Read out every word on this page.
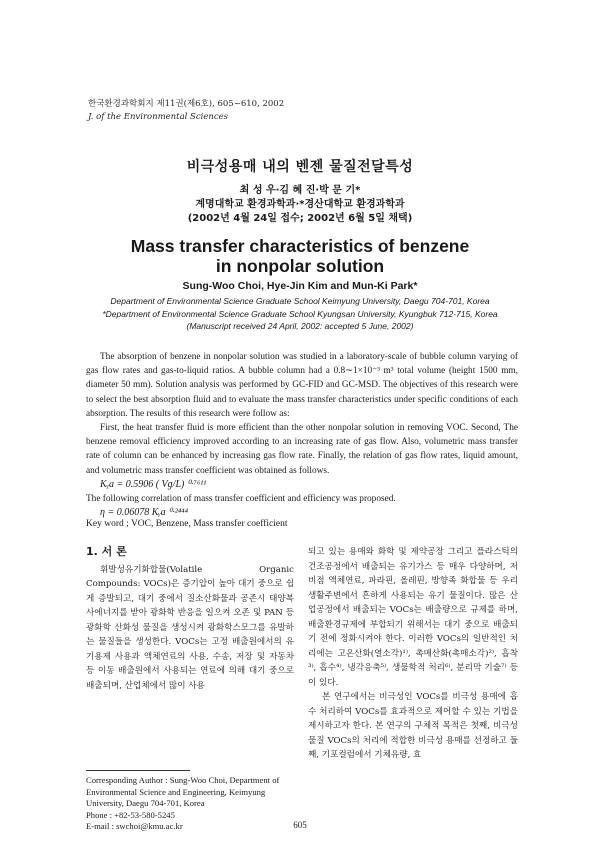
한국환경과학회지 제11권(제6호), 605~610, 2002
J. of the Environmental Sciences
비극성용매 내의 벤젠 물질전달특성
최 성 우·김 혜 진·박 문 기*
계명대학교 환경과학과·*경산대학교 환경과학과
(2002년 4월 24일 접수; 2002년 6월 5일 채택)
Mass transfer characteristics of benzene
in nonpolar solution
Sung-Woo Choi, Hye-Jin Kim and Mun-Ki Park*
Department of Environmental Science Graduate School Keimyung University, Daegu 704-701, Korea
*Department of Environmental Science Graduate School Kyungsan University, Kyungbuk 712-715, Korea
(Manuscript received 24 April, 2002: accepted 5 June, 2002)

The absorption of benzene in nonpolar solution was studied in a laboratory-scale of bubble column varying of gas flow rates and gas-to-liquid ratios. A bubble column had a 0.8∼1×10⁻³ m³ total volume (height 1500 mm, diameter 50 mm). Solution analysis was performed by GC-FID and GC-MSD. The objectives of this research were to select the best absorption fluid and to evaluate the mass transfer characteristics under specific conditions of each absorption. The results of this research were follow as:

First, the heat transfer fluid is more efficient than the other nonpolar solution in removing VOC. Second, The benzene removal efficiency improved according to an increasing rate of gas flow. Also, volumetric mass transfer rate of column can be enhanced by increasing gas flow rate. Finally, the relation of gas flow rates, liquid amount, and volumetric mass transfer coefficient was obtained as follows.

Kᵧa = 0.5906 ( Vɡ/L) ⁰·⁷⁶¹¹

The following correlation of mass transfer coefficient and efficiency was proposed.

η = 0.06078 Kᵧa ⁰·²⁴⁴⁴

Key word ; VOC, Benzene, Mass transfer coefficient
1. 서 론

휘발성유기화합물(Volatile Organic Compounds: VOCs)은 증기압이 높아 대기 중으로 쉽게 증발되고, 대기 중에서 질소산화물과 공존시 태양복사에너지를 받아 광화학 반응을 일으켜 오존 및 PAN 등 광화학 산화성 물질을 생성시켜 광화학스모그를 유발하는 물질들을 생성한다. VOCs는 고정 배출원에서의 유기용제 사용과 액체연료의 사용, 수송, 저장 및 자동차 등 이동 배출원에서 사용되는 연료에 의해 대기 중으로 배출되며, 산업체에서 많이 사용

되고 있는 용매와 화학 및 제약공장 그리고 플라스틱의 건조공정에서 배출되는 유기가스 등 매우 다양하며, 저비점 액체연료, 파라핀, 올레핀, 방향족 화합물 등 우리 생활주변에서 흔하게 사용되는 유기 물질이다. 많은 산업공정에서 배출되는 VOCs는 배출량으로 규제를 하며, 배출환경규제에 부합되기 위해서는 대기 중으로 배출되기 전에 정화시켜야 한다. 이러한 VOCs의 일반적인 처리에는 고온산화(열소각)¹⁾, 촉매산화(촉매소각)²⁾, 흡착³⁾, 흡수⁴⁾, 냉각응축⁵⁾, 생물학적 처리⁶⁾, 분리막 기술⁷⁾ 등이 있다.

본 연구에서는 비극성인 VOCs를 비극성 용매에 흡수 처리하여 VOCs를 효과적으로 제어할 수 있는 기법을 제시하고자 한다. 본 연구의 구체적 목적은 첫째, 비극성 물질 VOCs의 처리에 적합한 비극성 용매를 선정하고 둘째, 기포컬럼에서 기체유량, 효

Corresponding Author : Sung-Woo Choi, Department of Environmental Science and Engineering, Keimyung University, Daegu 704-701, Korea

Phone : +82-53-580-5245

E-mail : swchoi@kmu.ac.kr	605
